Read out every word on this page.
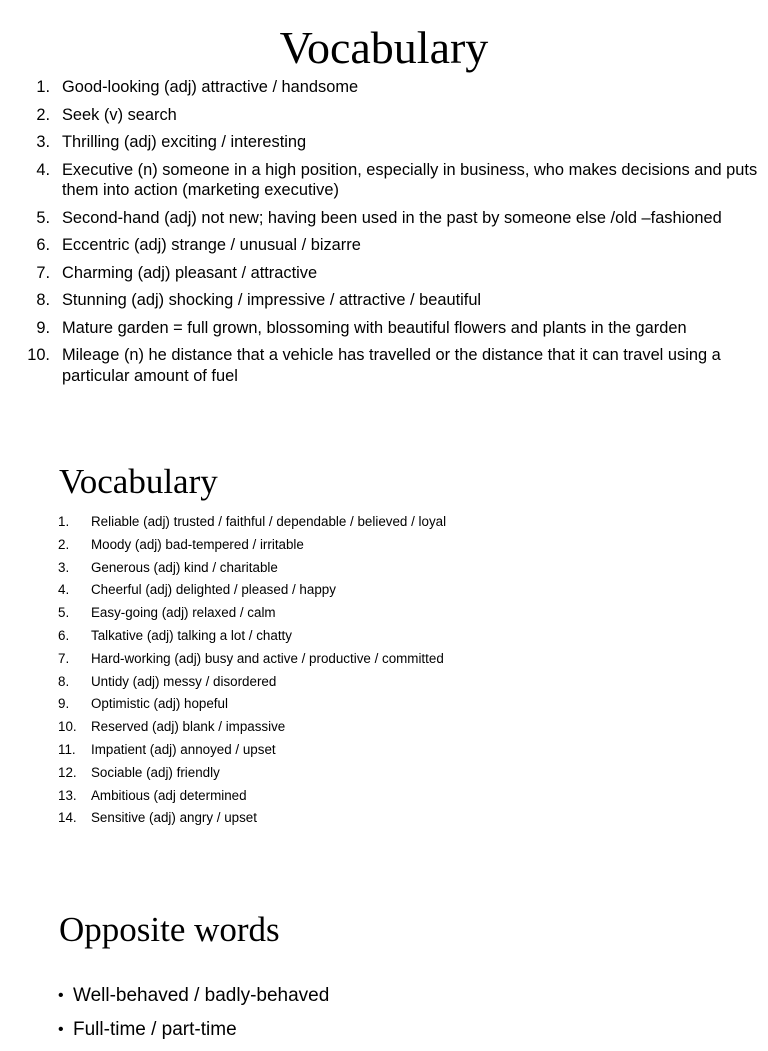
Vocabulary
1. Good-looking (adj) attractive / handsome
2. Seek (v) search
3. Thrilling (adj) exciting / interesting
4. Executive (n) someone in a high position, especially in business, who makes decisions and puts them into action (marketing executive)
5. Second-hand (adj) not new; having been used in the past by someone else /old –fashioned
6. Eccentric (adj) strange / unusual / bizarre
7. Charming (adj) pleasant / attractive
8. Stunning (adj) shocking / impressive / attractive / beautiful
9. Mature garden = full grown, blossoming with beautiful flowers and plants in the garden
10. Mileage (n) he distance that a vehicle has travelled or the distance that it can travel using a particular amount of fuel
Vocabulary
1.	Reliable (adj) trusted / faithful / dependable / believed / loyal
2.	Moody (adj) bad-tempered / irritable
3.	Generous (adj) kind / charitable
4.	Cheerful (adj) delighted / pleased / happy
5.	Easy-going (adj) relaxed / calm
6.	Talkative (adj) talking a lot / chatty
7.	Hard-working (adj) busy and active / productive / committed
8.	Untidy (adj) messy / disordered
9.	Optimistic (adj) hopeful
10.	Reserved (adj) blank / impassive
11.	Impatient (adj) annoyed / upset
12.	Sociable (adj) friendly
13.	Ambitious (adj determined
14.	Sensitive (adj) angry / upset
Opposite words
• Well-behaved / badly-behaved
• Full-time / part-time
